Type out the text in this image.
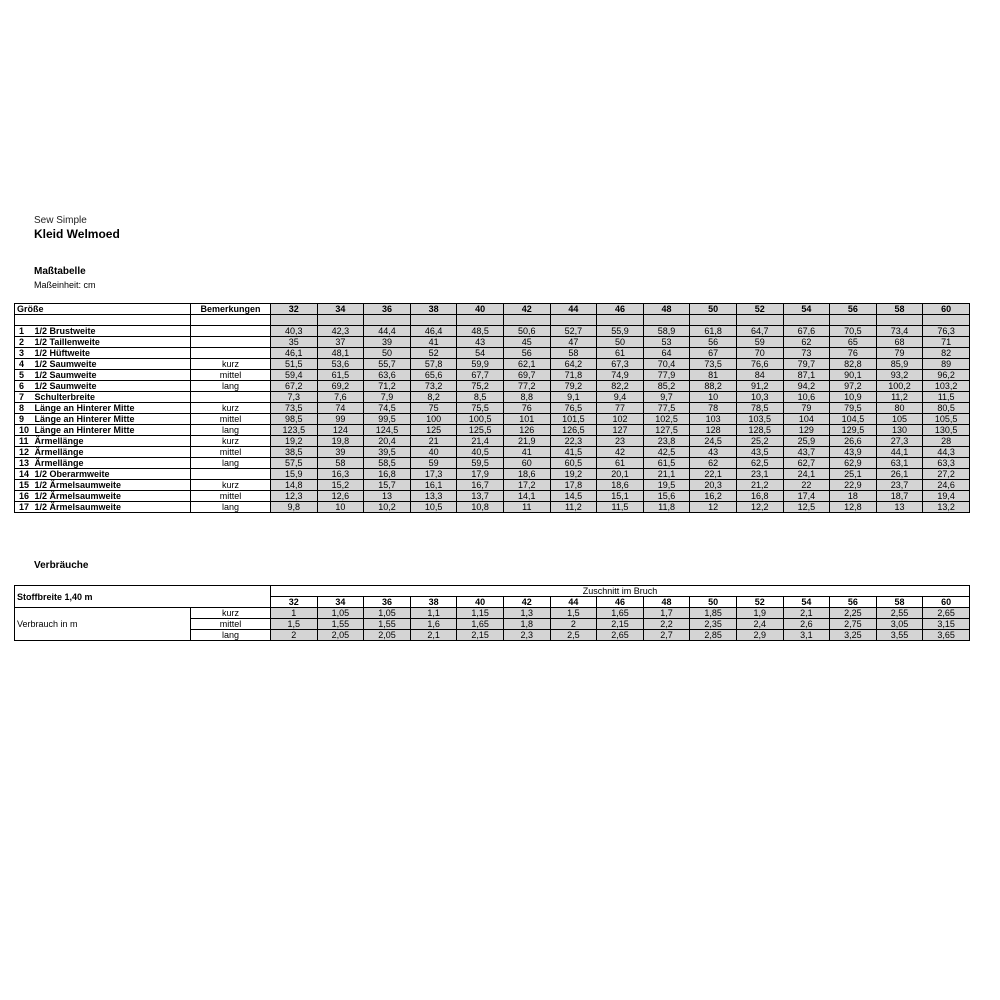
Sew Simple
Kleid Welmoed
Maßtabelle
Maßeinheit: cm
Größe		Bemerkungen	32	34	36	38	40	42	44	46	48	50	52	54	56	58	60

1	1/2 Brustweite		40,3	42,3	44,4	46,4	48,5	50,6	52,7	55,9	58,9	61,8	64,7	67,6	70,5	73,4	76,3
2	1/2 Taillenweite		35	37	39	41	43	45	47	50	53	56	59	62	65	68	71
3	1/2 Hüftweite		46,1	48,1	50	52	54	56	58	61	64	67	70	73	76	79	82
4	1/2 Saumweite	kurz	51,5	53,6	55,7	57,8	59,9	62,1	64,2	67,3	70,4	73,5	76,6	79,7	82,8	85,9	89
5	1/2 Saumweite	mittel	59,4	61,5	63,6	65,6	67,7	69,7	71,8	74,9	77,9	81	84	87,1	90,1	93,2	96,2
6	1/2 Saumweite	lang	67,2	69,2	71,2	73,2	75,2	77,2	79,2	82,2	85,2	88,2	91,2	94,2	97,2	100,2	103,2
7	Schulterbreite		7,3	7,6	7,9	8,2	8,5	8,8	9,1	9,4	9,7	10	10,3	10,6	10,9	11,2	11,5
8	Länge an Hinterer Mitte	kurz	73,5	74	74,5	75	75,5	76	76,5	77	77,5	78	78,5	79	79,5	80	80,5
9	Länge an Hinterer Mitte	mittel	98,5	99	99,5	100	100,5	101	101,5	102	102,5	103	103,5	104	104,5	105	105,5
10	Länge an Hinterer Mitte	lang	123,5	124	124,5	125	125,5	126	126,5	127	127,5	128	128,5	129	129,5	130	130,5
11	Ärmellänge	kurz	19,2	19,8	20,4	21	21,4	21,9	22,3	23	23,8	24,5	25,2	25,9	26,6	27,3	28
12	Ärmellänge	mittel	38,5	39	39,5	40	40,5	41	41,5	42	42,5	43	43,5	43,7	43,9	44,1	44,3
13	Ärmellänge	lang	57,5	58	58,5	59	59,5	60	60,5	61	61,5	62	62,5	62,7	62,9	63,1	63,3
14	1/2 Oberarmweite		15,9	16,3	16,8	17,3	17,9	18,6	19,2	20,1	21,1	22,1	23,1	24,1	25,1	26,1	27,2
15	1/2 Ärmelsaumweite	kurz	14,8	15,2	15,7	16,1	16,7	17,2	17,8	18,6	19,5	20,3	21,2	22	22,9	23,7	24,6
16	1/2 Ärmelsaumweite	mittel	12,3	12,6	13	13,3	13,7	14,1	14,5	15,1	15,6	16,2	16,8	17,4	18	18,7	19,4
17	1/2 Ärmelsaumweite	lang	9,8	10	10,2	10,5	10,8	11	11,2	11,5	11,8	12	12,2	12,5	12,8	13	13,2
Verbräuche
Stoffbreite 1,40 m		Zuschnitt im Bruch														
		32	34	36	38	40	42	44	46	48	50	52	54	56	58	60
Verbrauch in m	kurz	1	1,05	1,05	1,1	1,15	1,3	1,5	1,65	1,7	1,85	1,9	2,1	2,25	2,55	2,65
	mittel	1,5	1,55	1,55	1,6	1,65	1,8	2	2,15	2,2	2,35	2,4	2,6	2,75	3,05	3,15
	lang	2	2,05	2,05	2,1	2,15	2,3	2,5	2,65	2,7	2,85	2,9	3,1	3,25	3,55	3,65
